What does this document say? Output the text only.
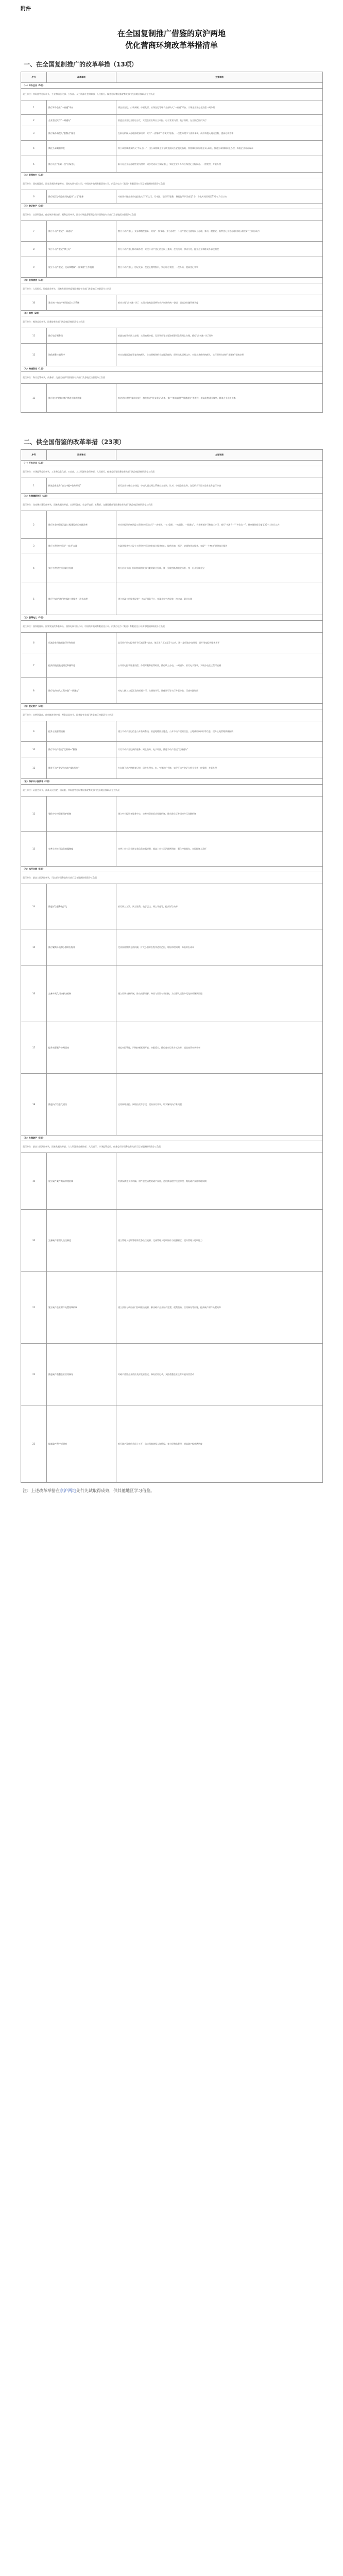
附件
在全国复制推广借鉴的京沪两地
优化营商环境改革举措清单
一、在全国复制推广的改革举措（13项）
序号	改革事项	主要举措
（一）开办企业（5项）		
责任单位：市场监管总局牵头，工业和信息化部、公安部、人力资源社会保障部、人民银行、税务总局等国务院有关部门及各地区按职责分工负责		
1	推行开办企业“一窗通”平台	将企业登记、公章刻制、申领发票、社保登记等环节全部纳入“一窗通”平台，实现企业开办全流程一网办理
2	企业登记实行“一网通办”	推进企业登记全程电子化，实现企业名称自主申报、电子营业执照、电子档案，在全国范围内实行
3	推行新办纳税人“套餐式”服务	在新办纳税人办理涉税事项时，实行“一表集成”“套餐式”服务，一次性办理多个涉税事项，减少纳税人跑动次数，提高办税效率
4	简化公章刻制审批	将公章刻制备案纳入“多证合一”，由公章刻制企业在线直接向公安机关备案，将刻制时间压缩至1天以内，推进公章刻制网上办理，降低企业开办成本
5	推行员工“五险一金”社保登记	新开办企业在办理营业执照时，同步完成员工参保登记，实现企业开办与社保登记全程网办、一窗受理、并联办理
（二）获得电力（1项）		
责任单位：国家能源局、国家发展改革委牵头，国家电网有限公司、中国南方电网有限责任公司、内蒙古电力（集团）有限责任公司及各地区按职责分工负责		
6	推行低压小微企业用电报装“三零”服务	对低压小微企业用电报装实行“零上门、零审批、零投资”服务，将报装环节压减至2个，办电时间压缩至25个工作日以内
（三）登记财产（3项）		
责任单位：自然资源部、住房城乡建设部、税务总局牵头，国家市场监督管理总局等国务院有关部门及各地区按职责分工负责		
7	推行不动产登记“一网通办”	整合不动产登记、交易和缴税服务，实现“一窗受理、并行办理”，不动产登记全流程网上办理，推动一般登记、抵押登记业务办理时间压缩至5个工作日以内
8	实行不动产登记“掌上办”	推行不动产登记移动端办理，实现不动产登记信息网上查询、在线预约、移动支付，提升企业和群众办事便利度
9	建立不动产登记、交易和缴税“一窗受理”工作机制	整合不动产登记、房屋交易、税收征缴等窗口，实行综合受理、一次办结，提高登记效率
（四）获得信贷（1项）		
责任单位：人民银行、银保监会牵头，国家发展改革委等国务院有关部门及各地区按职责分工负责		
10	建立统一的动产担保登记公示系统	推动实现“最多跑一次”，实现应收账款质押和动产抵押的统一登记，提高企业融资便利度
（五）纳税（2项）		
责任单位：税务总局牵头，国务院有关部门及各地区按职责分工负责		
11	推行电子税务局	推进办税事项网上办理，实现纳税申报、发票领用等主要涉税事项全程网上办理，推行“最多跑一次”清单
12	简化税务注销程序	对未办理过涉税事宜的纳税人，主动到税务机关办理清税的，即时出具清税文书；对符合条件的纳税人，实行即时办结的“承诺制”容缺办理
（六）跨境贸易（1项）		
责任单位：海关总署牵头，商务部、交通运输部等国务院有关部门及各地区按职责分工负责		
13	推行进口“提前申报”等通关便利措施	推进进口货物“提前申报”，加快推进“两步申报”改革，推广“船边直提”“抵港直装”等模式，提高货物通关效率，降低企业通关成本
二、供全国借鉴的改革举措（23项）
序号	改革事项	主要举措
（一）开办企业（1项）		
责任单位：市场监管总局牵头，工业和信息化部、公安部、人力资源社会保障部、人民银行、税务总局等国务院有关部门及各地区按职责分工负责		
1	探索企业名称“自主申报+告知承诺”	推行企业名称自主申报，申请人通过网上系统自主查询、比对、申报企业名称，登记机关不再对企业名称进行审查
（二）办理建筑许可（4项）		
责任单位：住房城乡建设部牵头，国家发展改革委、自然资源部、生态环境部、水利部、交通运输部等国务院有关部门及各地区按职责分工负责		
2	推行社会投资低风险工程建设项目审批改革	对社会投资的低风险工程建设项目实行“一表申请、一口受理、一站服务、一网通办”，合并规划许可和施工许可，推行“多测合一”“多验合一”，将审批时间压缩至30个工作日以内
3	推行工程建设项目“一站式”办理	在政务服务中心设立工程建设项目审批综合服务窗口，提供咨询、指导、协调和代办服务，实现“一个窗口”提供综合服务
4	实行工程建设项目联合验收	推行由牵头部门组织协调相关部门限时联合验收，统一验收图纸和验收标准，统一出具验收意见
5	推行“水电气热”等市政公用服务一站式办理	建立市政公用服务报装“一站式”服务平台，实现水电气热报装一次申请、联合办理
（三）获得电力（3项）		
责任单位：国家能源局、国家发展改革委牵头，国家电网有限公司、中国南方电网有限责任公司、内蒙古电力（集团）有限责任公司及各地区按职责分工负责		
6	压减企业用电报装环节和时间	高压用户用电报装环节压减至4个以内，低压用户压减至2个以内，进一步压缩办电时间，提升用电报装服务水平
7	提高用电报装透明度和便利度	公开用电报装服务流程、办理时限和收费标准，推行线上办电、一网通办，推行电子签章，实现办电全过程可追溯
8	推行电力接入工程审批“一网通办”	对电力接入工程涉及的规划许可、占掘路许可、绿化许可等实行并联审批，压减审批时间
（四）登记财产（3项）		
责任单位：自然资源部、住房城乡建设部、税务总局牵头，国务院有关部门及各地区按职责分工负责		
9	提升土地管理质量	建立不动产登记信息公开查询系统，推进地籍图全覆盖，公开不动产权属信息、土地使用权纠纷等信息，提升土地管理质量指数
10	推行不动产登记“互联网+”服务	实行不动产登记预约服务、网上查询、电子证照，推进不动产登记“全城通办”
11	推进不动产登记与水电气联动过户	在办理不动产转移登记时，同步办理水、电、气等过户手续，实现不动产登记与相关业务一窗受理、并联办理
（五）保护中小投资者（2项）		
责任单位：证监会牵头，最高人民法院、国资委、市场监管总局等国务院有关部门及各地区按职责分工负责		
12	强化中小投资者保护机制	建立中小投资者服务中心，完善投资者诉求处理机制，推动建立证券纠纷多元化解机制
13	完善上市公司信息披露制度	完善上市公司关联交易信息披露规则，提高上市公司治理透明度，强化控股股东、实际控制人责任
（六）执行合同（5项）		
责任单位：最高人民法院牵头，司法部等国务院有关部门及各地区按职责分工负责		
14	推进诉讼服务电子化	推行网上立案、网上缴费、电子送达、网上开庭等，提高诉讼效率
15	推行繁简分流和小额诉讼程序	完善案件繁简分流机制，扩大小额诉讼程序适用范围，缩短审理周期，降低诉讼成本
16	完善多元化纠纷解决机制	建立诉调对接机制，推动商事调解、仲裁与诉讼有效衔接，为当事人提供多元化纠纷解决渠道
17	提升商事案件审判质效	规范审限管理，严格控制延期开庭、审限延长，推行庭审记录方式改革，提高商事审判效率
18	推进执行信息化建设	运用网络查控、网络拍卖等手段，提高执行效率，切实解决执行难问题
（七）办理破产（5项）		
责任单位：最高人民法院牵头，国家发展改革委、人力资源社会保障部、人民银行、市场监管总局、税务总局等国务院有关部门及各地区按职责分工负责		
19	建立破产案件简易审理机制	对债权债务关系明确、财产状况清楚的破产案件，适用简易程序快速审理，缩短破产案件审理周期
20	完善破产管理人选任制度	建立管理人分级管理和竞争选任机制，完善管理人履职评价与报酬制度，提升管理人履职能力
21	建立破产企业财产处置协调机制	建立法院与政府部门协调联动机制，解决破产企业财产处置、税费缴纳、信用修复等问题，提高破产财产处置效率
22	推进破产重整企业信用修复	对破产重整企业依法及时变更登记、修复信用记录，支持重整企业正常开展经营活动
23	提高破产程序透明度	推行破产案件信息网上公开，依法保障债权人知情权、参与权和监督权，提高破产程序透明度
注：上述改革举措在京沪两地先行先试取得成效，供其他地区学习借鉴。
